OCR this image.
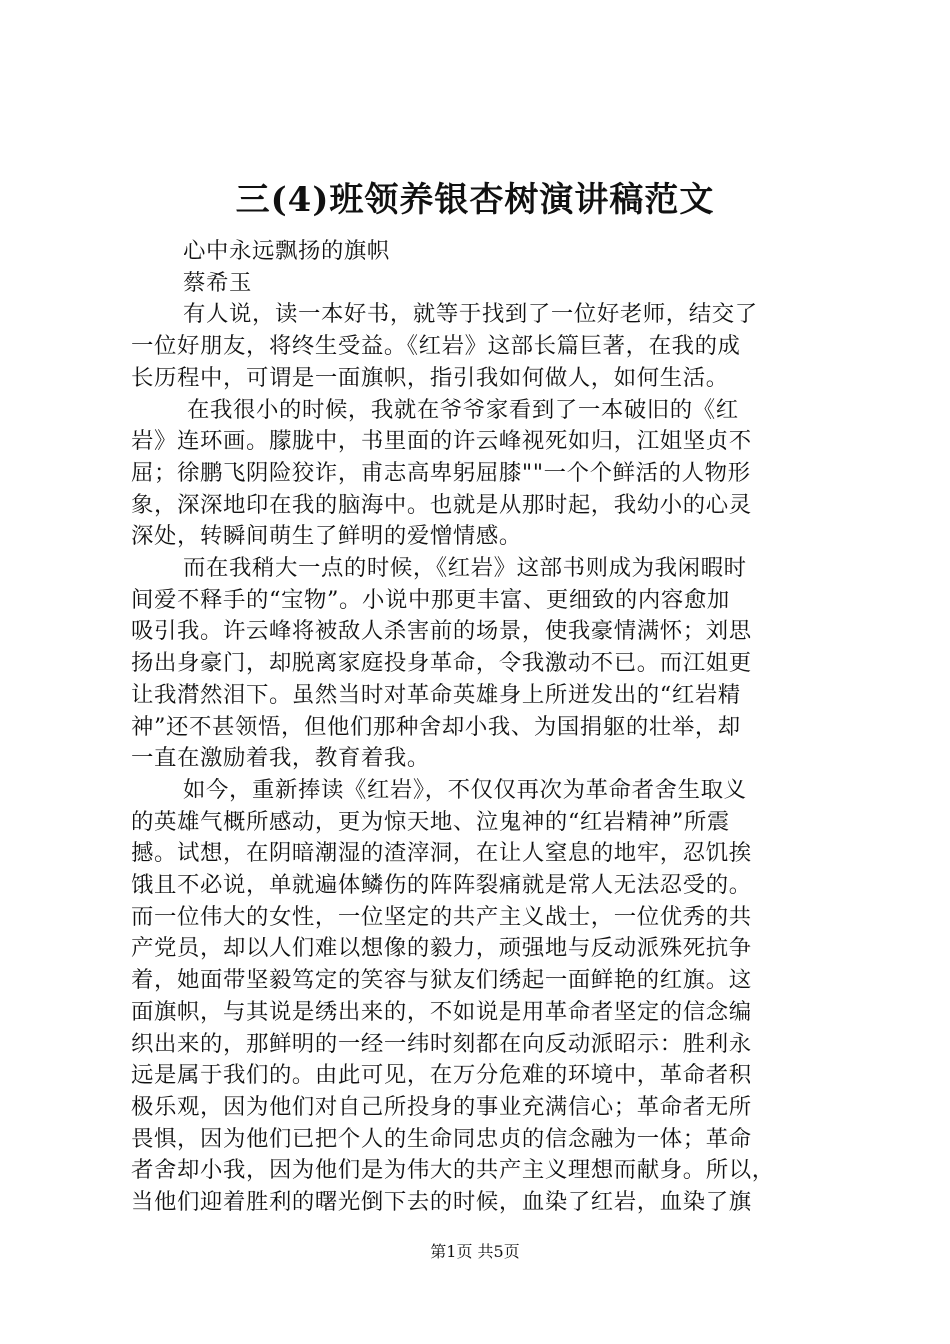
三(4)班领养银杏树演讲稿范文
心中永远飘扬的旗帜
蔡希玉
有人说，读一本好书，就等于找到了一位好老师，结交了
一位好朋友，将终生受益。《红岩》这部长篇巨著，在我的成
长历程中，可谓是一面旗帜，指引我如何做人，如何生活。
在我很小的时候，我就在爷爷家看到了一本破旧的《红
岩》连环画。朦胧中，书里面的许云峰视死如归，江姐坚贞不
屈；徐鹏飞阴险狡诈，甫志高卑躬屈膝""一个个鲜活的人物形
象，深深地印在我的脑海中。也就是从那时起，我幼小的心灵
深处，转瞬间萌生了鲜明的爱憎情感。
而在我稍大一点的时候，《红岩》这部书则成为我闲暇时
间爱不释手的“宝物”。小说中那更丰富、更细致的内容愈加
吸引我。许云峰将被敌人杀害前的场景，使我豪情满怀；刘思
扬出身豪门，却脱离家庭投身革命，令我激动不已。而江姐更
让我潸然泪下。虽然当时对革命英雄身上所迸发出的“红岩精
神”还不甚领悟，但他们那种舍却小我、为国捐躯的壮举，却
一直在激励着我，教育着我。
如今，重新捧读《红岩》，不仅仅再次为革命者舍生取义
的英雄气概所感动，更为惊天地、泣鬼神的“红岩精神”所震
撼。试想，在阴暗潮湿的渣滓洞，在让人窒息的地牢，忍饥挨
饿且不必说，单就遍体鳞伤的阵阵裂痛就是常人无法忍受的。
而一位伟大的女性，一位坚定的共产主义战士，一位优秀的共
产党员，却以人们难以想像的毅力，顽强地与反动派殊死抗争
着，她面带坚毅笃定的笑容与狱友们绣起一面鲜艳的红旗。这
面旗帜，与其说是绣出来的，不如说是用革命者坚定的信念编
织出来的，那鲜明的一经一纬时刻都在向反动派昭示：胜利永
远是属于我们的。由此可见，在万分危难的环境中，革命者积
极乐观，因为他们对自己所投身的事业充满信心；革命者无所
畏惧，因为他们已把个人的生命同忠贞的信念融为一体；革命
者舍却小我，因为他们是为伟大的共产主义理想而献身。所以，
当他们迎着胜利的曙光倒下去的时候，血染了红岩，血染了旗
第1页 共5页
